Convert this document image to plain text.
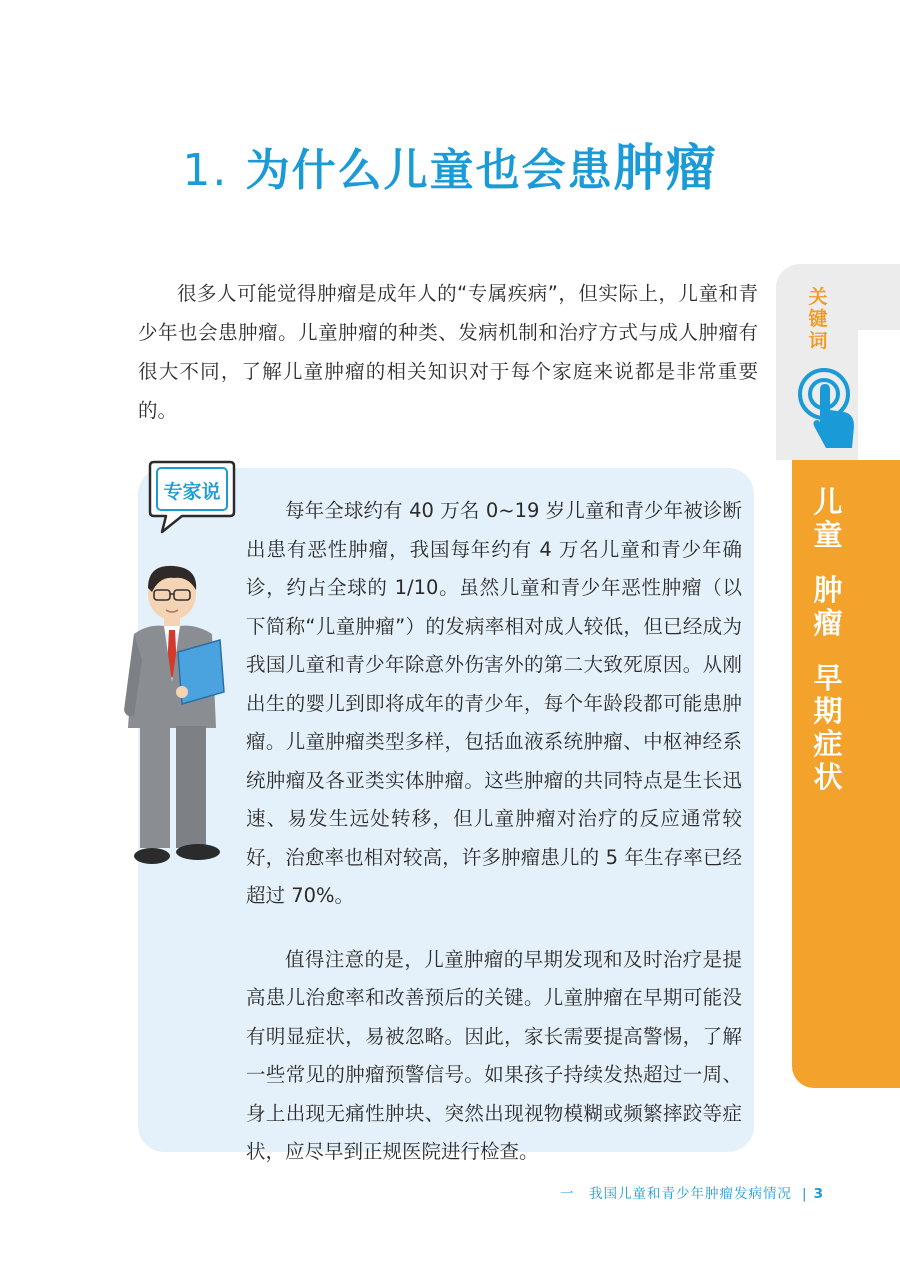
1. 为什么儿童也会患肿瘤

很多人可能觉得肿瘤是成年人的“专属疾病”，但实际上，儿童和青少年也会患肿瘤。儿童肿瘤的种类、发病机制和治疗方式与成人肿瘤有很大不同，了解儿童肿瘤的相关知识对于每个家庭来说都是非常重要的。

专家说

每年全球约有 40 万名 0~19 岁儿童和青少年被诊断出患有恶性肿瘤，我国每年约有 4 万名儿童和青少年确诊，约占全球的 1/10。虽然儿童和青少年恶性肿瘤（以下简称“儿童肿瘤”）的发病率相对成人较低，但已经成为我国儿童和青少年除意外伤害外的第二大致死原因。从刚出生的婴儿到即将成年的青少年，每个年龄段都可能患肿瘤。儿童肿瘤类型多样，包括血液系统肿瘤、中枢神经系统肿瘤及各亚类实体肿瘤。这些肿瘤的共同特点是生长迅速、易发生远处转移，但儿童肿瘤对治疗的反应通常较好，治愈率也相对较高，许多肿瘤患儿的 5 年生存率已经超过 70%。

值得注意的是，儿童肿瘤的早期发现和及时治疗是提高患儿治愈率和改善预后的关键。儿童肿瘤在早期可能没有明显症状，易被忽略。因此，家长需要提高警惕，了解一些常见的肿瘤预警信号。如果孩子持续发热超过一周、身上出现无痛性肿块、突然出现视物模糊或频繁摔跤等症状，应尽早到正规医院进行检查。

关键词
儿童
肿瘤
早期症状
一　我国儿童和青少年肿瘤发病情况 | 3
